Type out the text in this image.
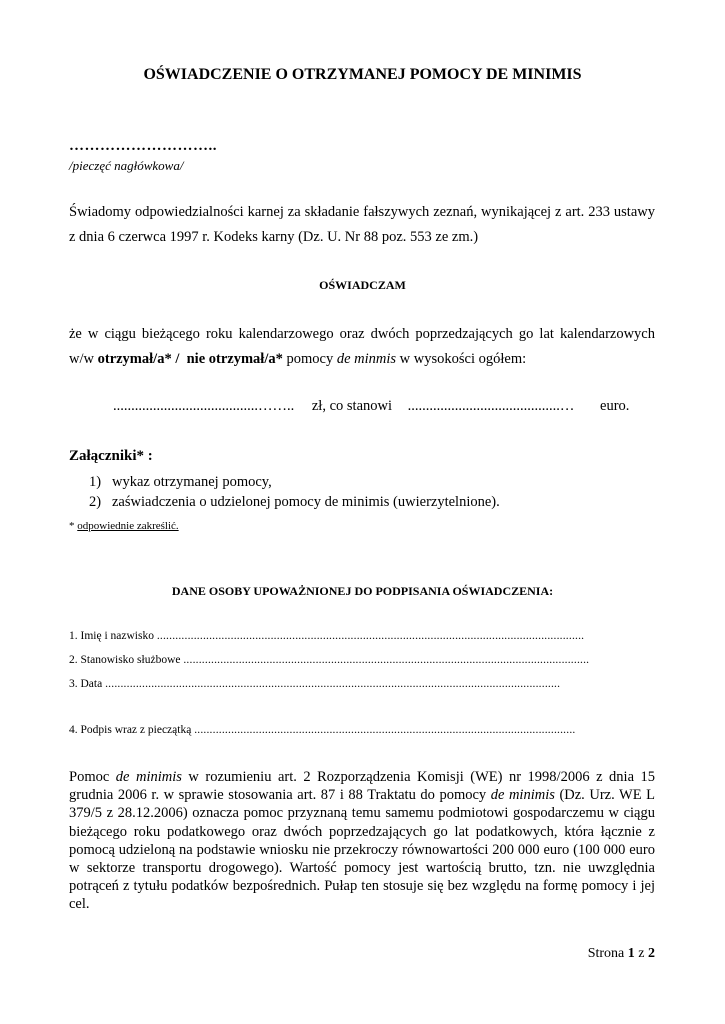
OŚWIADCZENIE O OTRZYMANEJ POMOCY DE MINIMIS
………………………..
/pieczęć nagłówkowa/
Świadomy odpowiedzialności karnej za składanie fałszywych zeznań, wynikającej z art. 233 ustawy z dnia 6 czerwca 1997 r. Kodeks karny (Dz. U. Nr 88 poz. 553 ze zm.)
OŚWIADCZAM
że w ciągu bieżącego roku kalendarzowego oraz dwóch poprzedzających go lat kalendarzowych w/w otrzymał/a* / nie otrzymał/a* pomocy de minmis w wysokości ogółem:
........................................…….. zł, co stanowi ..........................................… euro.
Załączniki* :
1) wykaz otrzymanej pomocy,
2) zaświadczenia o udzielonej pomocy de minimis (uwierzytelnione).
* odpowiednie zakreślić.
DANE OSOBY UPOWAŻNIONEJ DO PODPISANIA OŚWIADCZENIA:
1. Imię i nazwisko ...........................................................................................................................................
2. Stanowisko służbowe ....................................................................................................................................
3. Data ....................................................................................................................................................
4. Podpis wraz z pieczątką ............................................................................................................................
Pomoc de minimis w rozumieniu art. 2 Rozporządzenia Komisji (WE) nr 1998/2006 z dnia 15 grudnia 2006 r. w sprawie stosowania art. 87 i 88 Traktatu do pomocy de minimis (Dz. Urz. WE L 379/5 z 28.12.2006) oznacza pomoc przyznaną temu samemu podmiotowi gospodarczemu w ciągu bieżącego roku podatkowego oraz dwóch poprzedzających go lat podatkowych, która łącznie z pomocą udzieloną na podstawie wniosku nie przekroczy równowartości 200 000 euro (100 000 euro w sektorze transportu drogowego). Wartość pomocy jest wartością brutto, tzn. nie uwzględnia potrąceń z tytułu podatków bezpośrednich. Pułap ten stosuje się bez względu na formę pomocy i jej cel.
Strona 1 z 2
